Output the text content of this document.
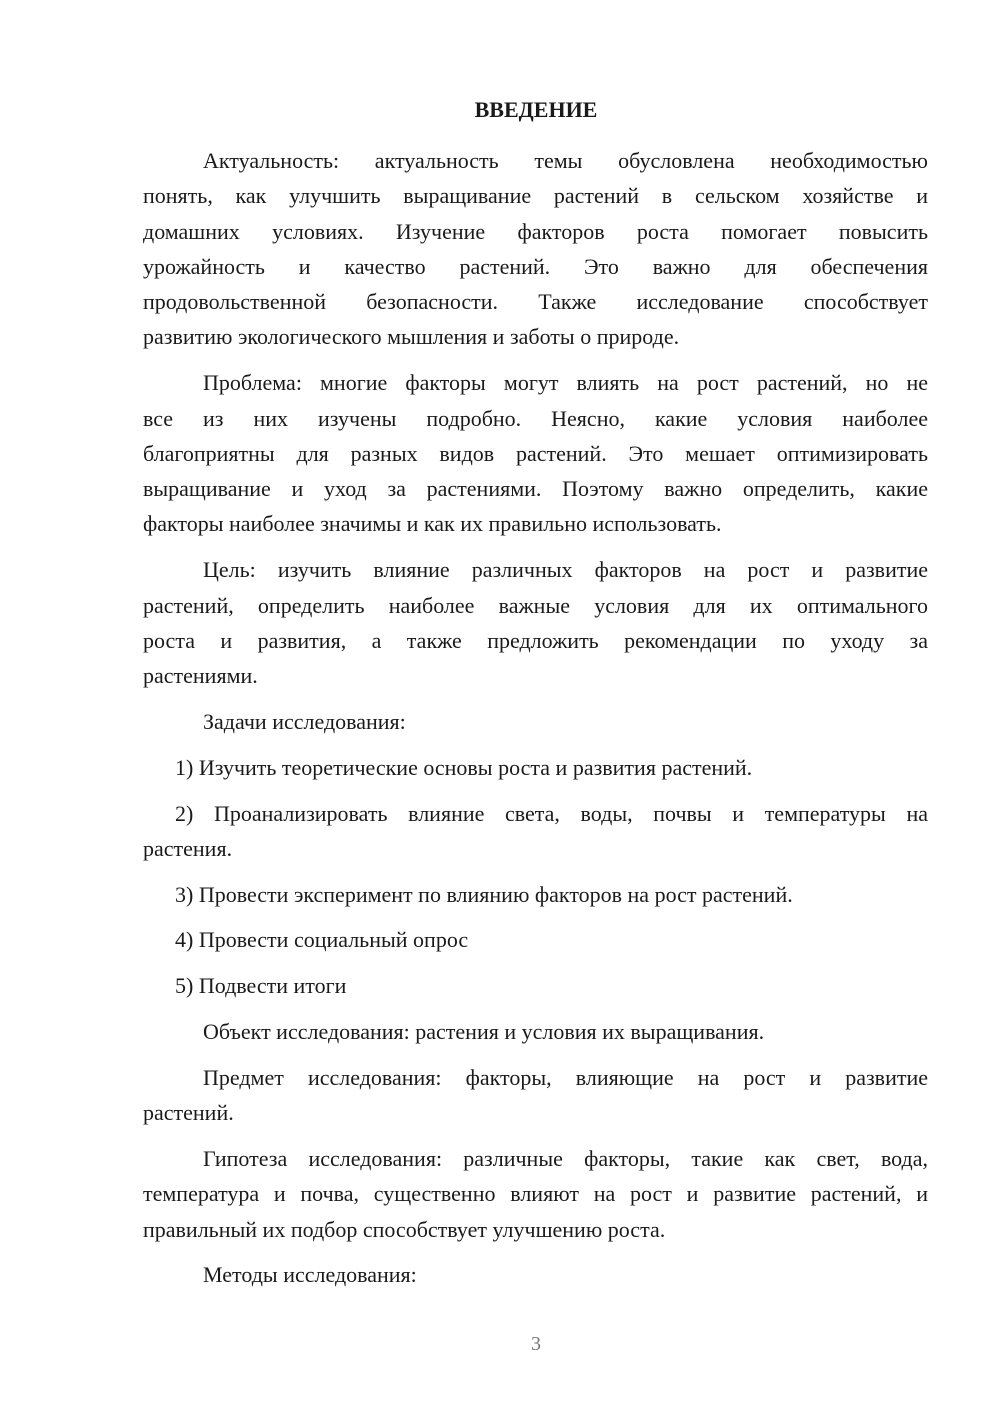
ВВЕДЕНИЕ
Актуальность: актуальность темы обусловлена необходимостью
понять, как улучшить выращивание растений в сельском хозяйстве и
домашних условиях. Изучение факторов роста помогает повысить
урожайность и качество растений. Это важно для обеспечения
продовольственной безопасности. Также исследование способствует
развитию экологического мышления и заботы о природе.
Проблема: многие факторы могут влиять на рост растений, но не
все из них изучены подробно. Неясно, какие условия наиболее
благоприятны для разных видов растений. Это мешает оптимизировать
выращивание и уход за растениями. Поэтому важно определить, какие
факторы наиболее значимы и как их правильно использовать.
Цель: изучить влияние различных факторов на рост и развитие
растений, определить наиболее важные условия для их оптимального
роста и развития, а также предложить рекомендации по уходу за
растениями.
Задачи исследования:
1) Изучить теоретические основы роста и развития растений.
2) Проанализировать влияние света, воды, почвы и температуры на
растения.
3) Провести эксперимент по влиянию факторов на рост растений.
4) Провести социальный опрос
5) Подвести итоги
Объект исследования: растения и условия их выращивания.
Предмет исследования: факторы, влияющие на рост и развитие
растений.
Гипотеза исследования: различные факторы, такие как свет, вода,
температура и почва, существенно влияют на рост и развитие растений, и
правильный их подбор способствует улучшению роста.
Методы исследования:
3
